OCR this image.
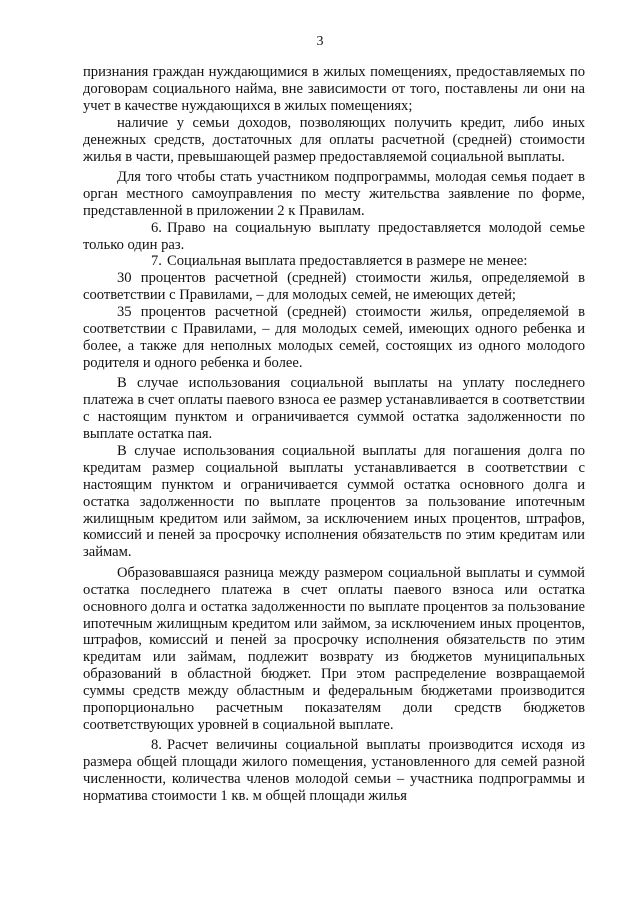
3

признания граждан нуждающимися в жилых помещениях, предоставляемых по договорам социального найма, вне зависимости от того, поставлены ли они на учет в качестве нуждающихся в жилых помещениях;

наличие у семьи доходов, позволяющих получить кредит, либо иных денежных средств, достаточных для оплаты расчетной (средней) стоимости жилья в части, превышающей размер предоставляемой социальной выплаты.

Для того чтобы стать участником подпрограммы, молодая семья подает в орган местного самоуправления по месту жительства заявление по форме, представленной в приложении 2 к Правилам.

6. Право на социальную выплату предоставляется молодой семье только один раз.

7. Социальная выплата предоставляется в размере не менее:

30 процентов расчетной (средней) стоимости жилья, определяемой в соответствии с Правилами, – для молодых семей, не имеющих детей;

35 процентов расчетной (средней) стоимости жилья, определяемой в соответствии с Правилами, – для молодых семей, имеющих одного ребенка и более, а также для неполных молодых семей, состоящих из одного молодого родителя и одного ребенка и более.

В случае использования социальной выплаты на уплату последнего платежа в счет оплаты паевого взноса ее размер устанавливается в соответствии с настоящим пунктом и ограничивается суммой остатка задолженности по выплате остатка пая.

В случае использования социальной выплаты для погашения долга по кредитам размер социальной выплаты устанавливается в соответствии с настоящим пунктом и ограничивается суммой остатка основного долга и остатка задолженности по выплате процентов за пользование ипотечным жилищным кредитом или займом, за исключением иных процентов, штрафов, комиссий и пеней за просрочку исполнения обязательств по этим кредитам или займам.

Образовавшаяся разница между размером социальной выплаты и суммой остатка последнего платежа в счет оплаты паевого взноса или остатка основного долга и остатка задолженности по выплате процентов за пользование ипотечным жилищным кредитом или займом, за исключением иных процентов, штрафов, комиссий и пеней за просрочку исполнения обязательств по этим кредитам или займам, подлежит возврату из бюджетов муниципальных образований в областной бюджет. При этом распределение возвращаемой суммы средств между областным и федеральным бюджетами производится пропорционально расчетным показателям доли средств бюджетов соответствующих уровней в социальной выплате.

8. Расчет величины социальной выплаты производится исходя из размера общей площади жилого помещения, установленного для семей разной численности, количества членов молодой семьи – участника подпрограммы и норматива стоимости 1 кв. м общей площади жилья
